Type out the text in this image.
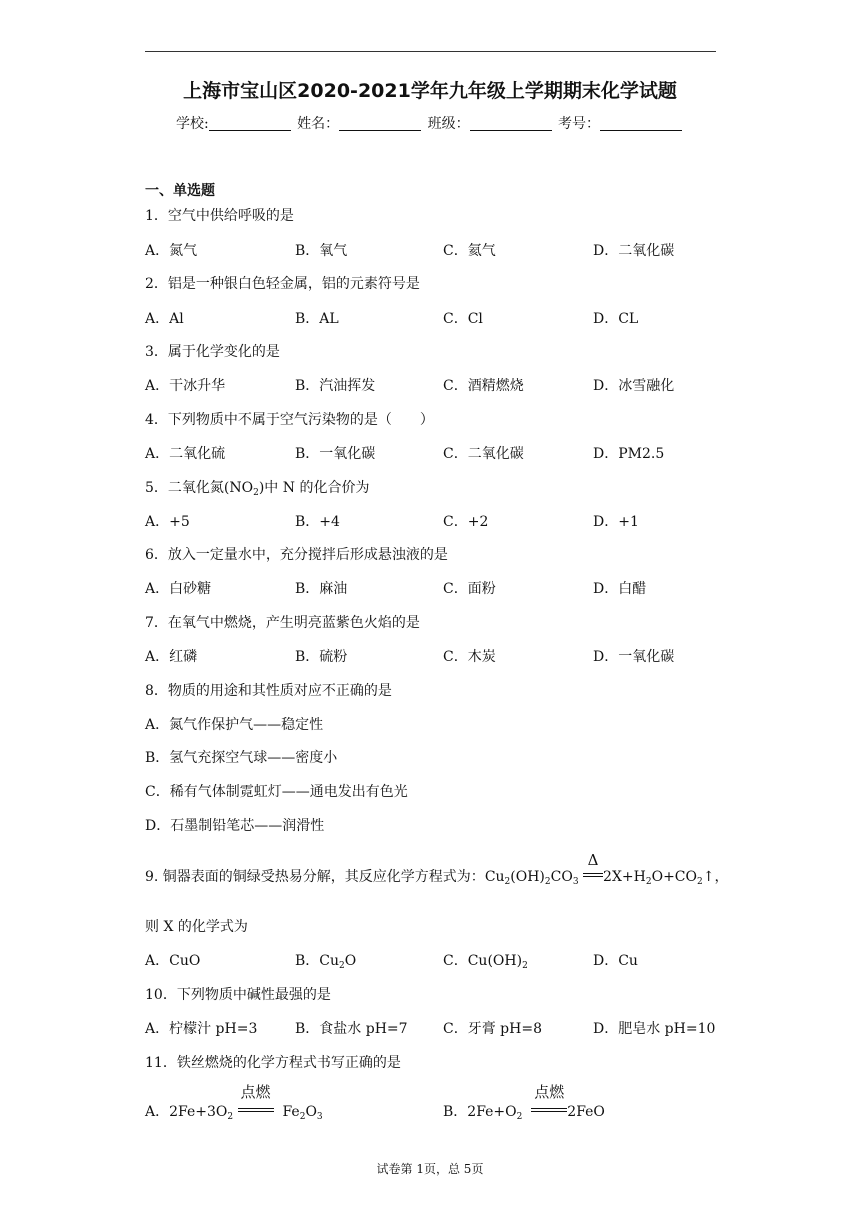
上海市宝山区2020-2021学年九年级上学期期末化学试题
学校:	姓名：	班级：	考号：
一、单选题
1．空气中供给呼吸的是
A．氮气	B．氧气	C．氦气	D．二氧化碳
2．铝是一种银白色轻金属，铝的元素符号是
A．Al	B．AL	C．Cl	D．CL
3．属于化学变化的是
A．干冰升华	B．汽油挥发	C．酒精燃烧	D．冰雪融化
4．下列物质中不属于空气污染物的是（　　）
A．二氧化硫	B．一氧化碳	C．二氧化碳	D．PM2.5
5．二氧化氮$(NO_2)$中 N 的化合价为
A．+5	B．+4	C．+2	D．+1
6．放入一定量水中，充分搅拌后形成悬浊液的是
A．白砂糖	B．麻油	C．面粉	D．白醋
7．在氧气中燃烧，产生明亮蓝紫色火焰的是
A．红磷	B．硫粉	C．木炭	D．一氧化碳
8．物质的用途和其性质对应不正确的是
A．氮气作保护气——稳定性
B．氢气充探空气球——密度小
C．稀有气体制霓虹灯——通电发出有色光
D．石墨制铅笔芯——润滑性
9. 铜器表面的铜绿受热易分解，其反应化学方程式为：$Cu_2(OH)_2CO_3$
Δ
$2X+H_2O+CO_2↑$，
则 X 的化学式为
A．CuO	B．$Cu_2O$	C．$Cu(OH)_2$	D．Cu
10．下列物质中碱性最强的是
A．柠檬汁 pH=3	B．食盐水 pH=7	C．牙膏 pH=8	D．肥皂水 pH=10
11．铁丝燃烧的化学方程式书写正确的是
A．$2Fe+3O_2$
点燃
$Fe_2O_3$	B．$2Fe+O_2$
点燃
2FeO
试卷第 1页，总 5页
